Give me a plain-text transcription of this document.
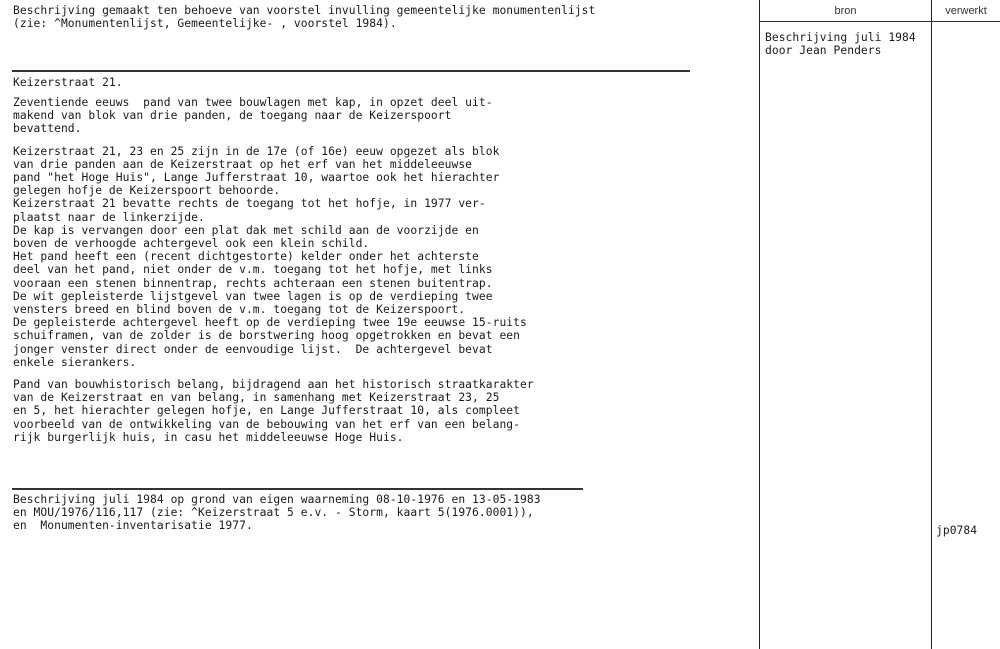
bron	verwerkt
Beschrijving gemaakt ten behoeve van voorstel invulling gemeentelijke monumentenlijst
(zie: ^Monumentenlijst, Gemeentelijke- , voorstel 1984).
Beschrijving juli 1984
door Jean Penders
Keizerstraat 21.
Zeventiende eeuws  pand van twee bouwlagen met kap, in opzet deel uit-
makend van blok van drie panden, de toegang naar de Keizerspoort
bevattend.
Keizerstraat 21, 23 en 25 zijn in de 17e (of 16e) eeuw opgezet als blok
van drie panden aan de Keizerstraat op het erf van het middeleeuwse
pand "het Hoge Huis", Lange Jufferstraat 10, waartoe ook het hierachter
gelegen hofje de Keizerspoort behoorde.
Keizerstraat 21 bevatte rechts de toegang tot het hofje, in 1977 ver-
plaatst naar de linkerzijde.
De kap is vervangen door een plat dak met schild aan de voorzijde en
boven de verhoogde achtergevel ook een klein schild.
Het pand heeft een (recent dichtgestorte) kelder onder het achterste
deel van het pand, niet onder de v.m. toegang tot het hofje, met links
vooraan een stenen binnentrap, rechts achteraan een stenen buitentrap.
De wit gepleisterde lijstgevel van twee lagen is op de verdieping twee
vensters breed en blind boven de v.m. toegang tot de Keizerspoort.
De gepleisterde achtergevel heeft op de verdieping twee 19e eeuwse 15-ruits
schuiframen, van de zolder is de borstwering hoog opgetrokken en bevat een
jonger venster direct onder de eenvoudige lijst.  De achtergevel bevat
enkele sierankers.
Pand van bouwhistorisch belang, bijdragend aan het historisch straatkarakter
van de Keizerstraat en van belang, in samenhang met Keizerstraat 23, 25
en 5, het hierachter gelegen hofje, en Lange Jufferstraat 10, als compleet
voorbeeld van de ontwikkeling van de bebouwing van het erf van een belang-
rijk burgerlijk huis, in casu het middeleeuwse Hoge Huis.
Beschrijving juli 1984 op grond van eigen waarneming 08-10-1976 en 13-05-1983
en MOU/1976/116,117 (zie: ^Keizerstraat 5 e.v. - Storm, kaart 5(1976.0001)),
en  Monumenten-inventarisatie 1977.	jp0784
